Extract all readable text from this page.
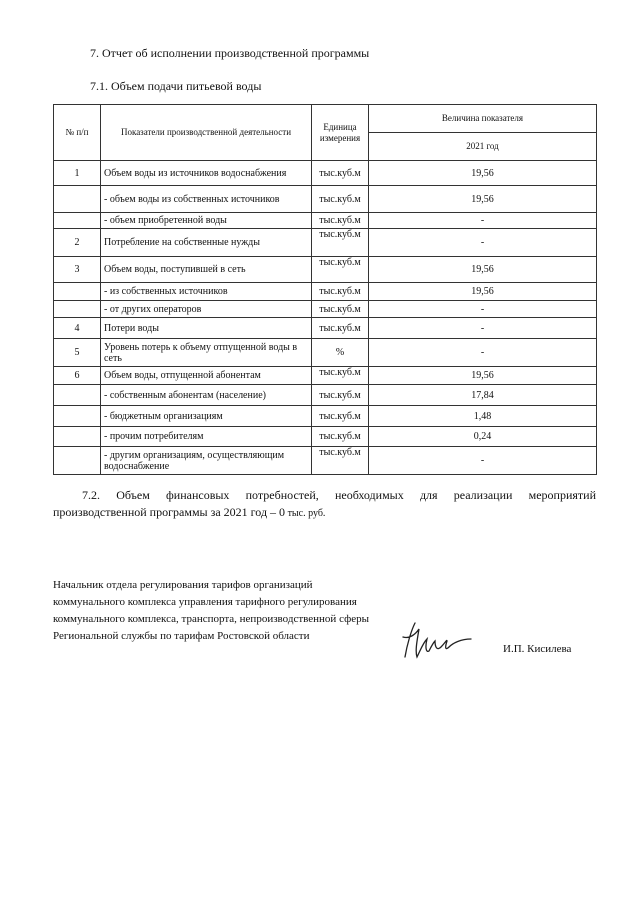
7. Отчет об исполнении производственной программы
7.1. Объем подачи питьевой воды
№ п/п	Показатели производственной деятельности	Единица измерения	Величина показателя
			2021 год
1	Объем воды из источников водоснабжения	тыс.куб.м	19,56
	- объем воды из собственных источников	тыс.куб.м	19,56
	- объем приобретенной воды	тыс.куб.м	-
2	Потребление на собственные нужды	тыс.куб.м	-
3	Объем воды, поступившей в сеть	тыс.куб.м	19,56
	- из собственных источников	тыс.куб.м	19,56
	- от других операторов	тыс.куб.м	-
4	Потери воды	тыс.куб.м	-
5	Уровень потерь к объему отпущенной воды в сеть	%	-
6	Объем воды, отпущенной абонентам	тыс.куб.м	19,56
	- собственным абонентам (население)	тыс.куб.м	17,84
	- бюджетным организациям	тыс.куб.м	1,48
	- прочим потребителям	тыс.куб.м	0,24
	- другим организациям, осуществляющим водоснабжение	тыс.куб.м	-
7.2. Объем финансовых потребностей, необходимых для реализации мероприятий производственной программы за 2021 год – 0 тыс. руб.
Начальник отдела регулирования тарифов организаций коммунального комплекса управления тарифного регулирования коммунального комплекса, транспорта, непроизводственной сферы Региональной службы по тарифам Ростовской области
И.П. Кисилева
